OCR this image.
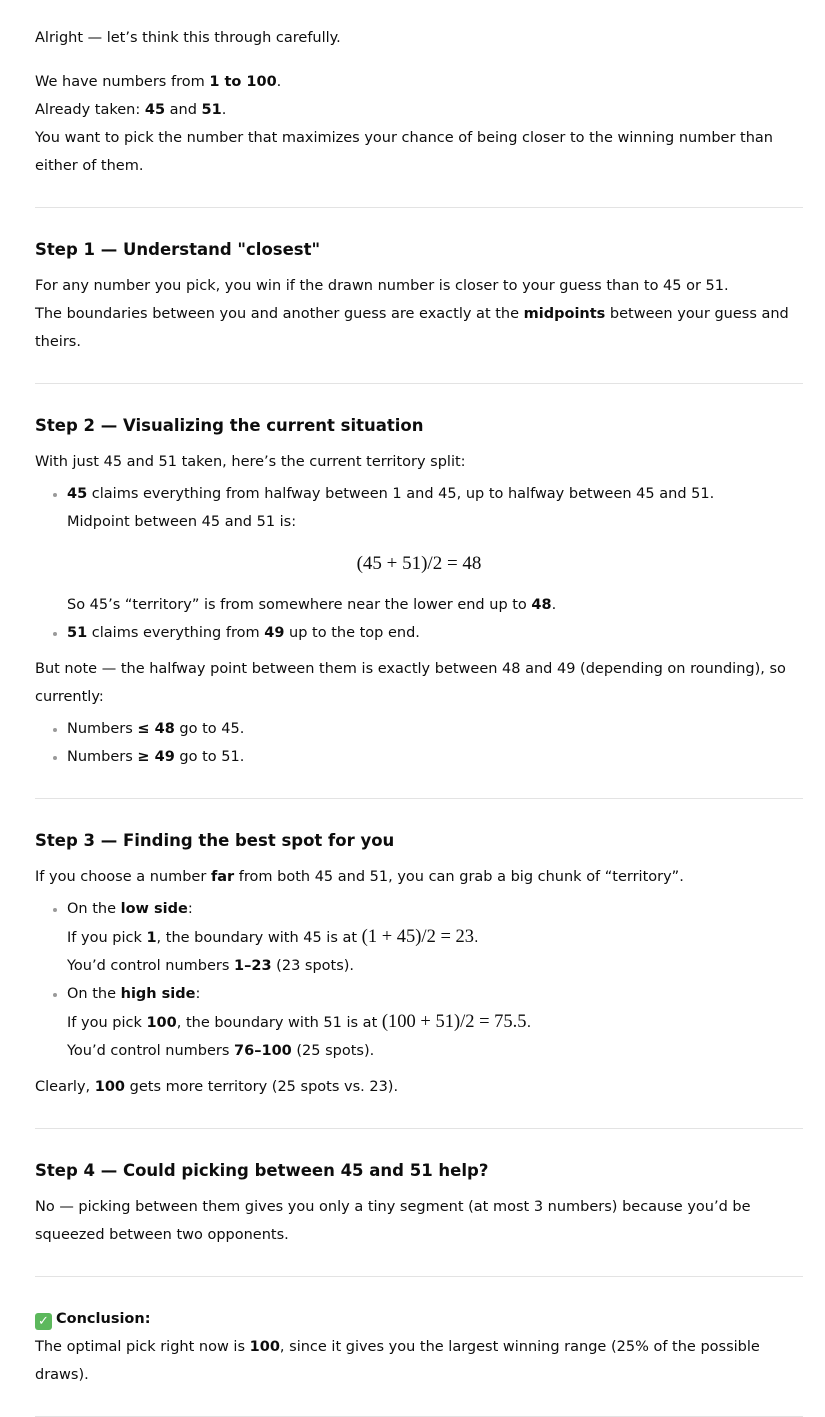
Alright — let’s think this through carefully.

We have numbers from 1 to 100.

Already taken: 45 and 51.

You want to pick the number that maximizes your chance of being closer to the winning number than either of them.

Step 1 — Understand "closest"

For any number you pick, you win if the drawn number is closer to your guess than to 45 or 51.

The boundaries between you and another guess are exactly at the midpoints between your guess and theirs.

Step 2 — Visualizing the current situation

With just 45 and 51 taken, here’s the current territory split:

• 45 claims everything from halfway between 1 and 45, up to halfway between 45 and 51.
Midpoint between 45 and 51 is:
(45 + 51)/2 = 48
So 45’s “territory” is from somewhere near the lower end up to 48.
• 51 claims everything from 49 up to the top end.

But note — the halfway point between them is exactly between 48 and 49 (depending on rounding), so currently:

• Numbers ≤ 48 go to 45.
• Numbers ≥ 49 go to 51.
Step 3 — Finding the best spot for you

If you choose a number far from both 45 and 51, you can grab a big chunk of “territory”.

• On the low side:
If you pick 1, the boundary with 45 is at (1 + 45)/2 = 23.
You’d control numbers 1–23 (23 spots).
• On the high side:
If you pick 100, the boundary with 51 is at (100 + 51)/2 = 75.5.
You’d control numbers 76–100 (25 spots).

Clearly, 100 gets more territory (25 spots vs. 23).

Step 4 — Could picking between 45 and 51 help?

No — picking between them gives you only a tiny segment (at most 3 numbers) because you’d be squeezed between two opponents.

✓ Conclusion:

The optimal pick right now is 100, since it gives you the largest winning range (25% of the possible draws).
